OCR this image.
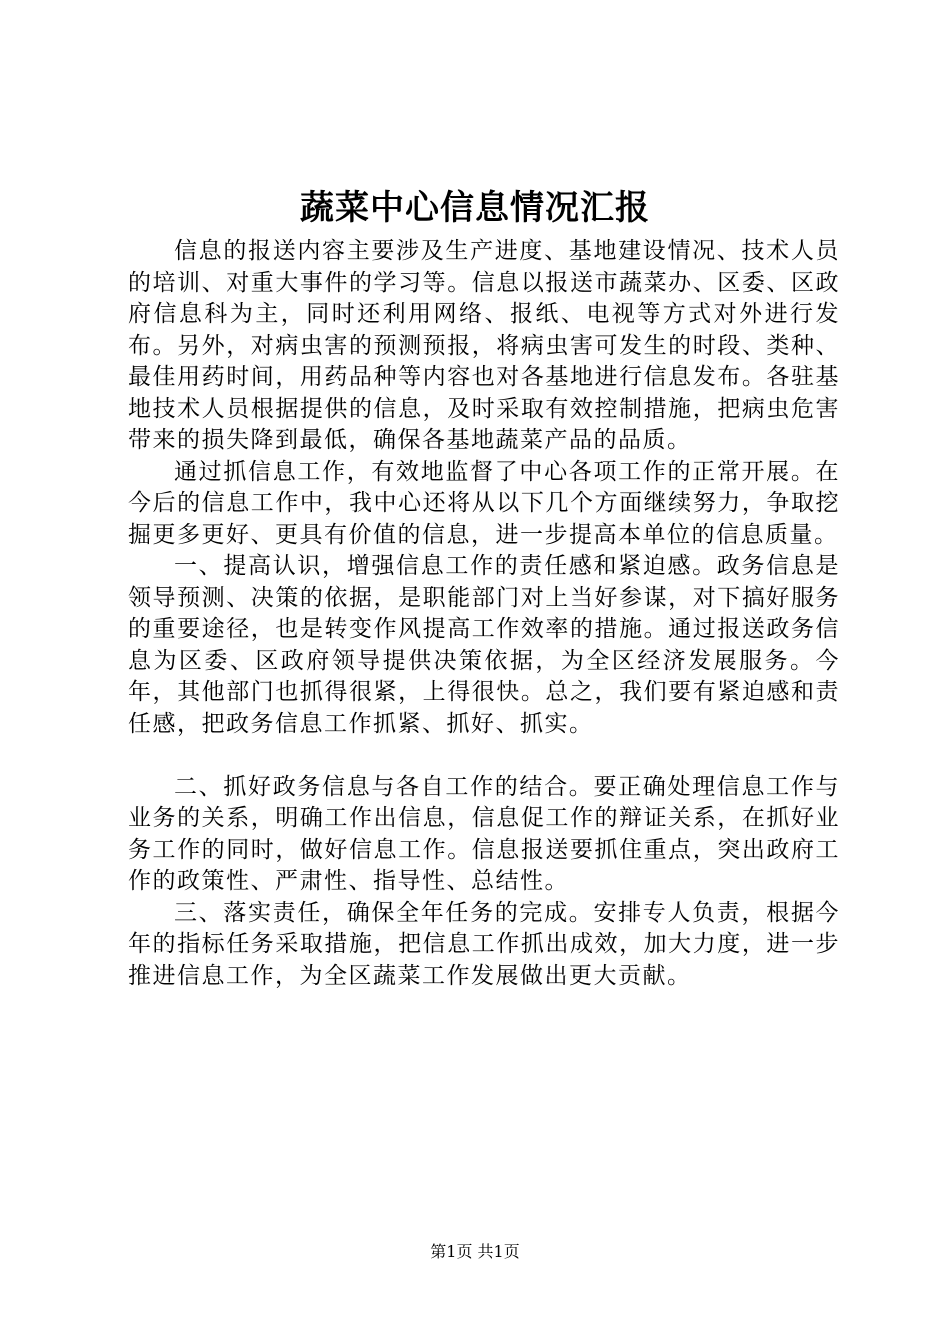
蔬菜中心信息情况汇报

信息的报送内容主要涉及生产进度、基地建设情况、技术人员的培训、对重大事件的学习等。信息以报送市蔬菜办、区委、区政府信息科为主，同时还利用网络、报纸、电视等方式对外进行发布。另外，对病虫害的预测预报，将病虫害可发生的时段、类种、最佳用药时间，用药品种等内容也对各基地进行信息发布。各驻基地技术人员根据提供的信息，及时采取有效控制措施，把病虫危害带来的损失降到最低，确保各基地蔬菜产品的品质。

通过抓信息工作，有效地监督了中心各项工作的正常开展。在今后的信息工作中，我中心还将从以下几个方面继续努力，争取挖掘更多更好、更具有价值的信息，进一步提高本单位的信息质量。

一、提高认识，增强信息工作的责任感和紧迫感。政务信息是领导预测、决策的依据，是职能部门对上当好参谋，对下搞好服务的重要途径，也是转变作风提高工作效率的措施。通过报送政务信息为区委、区政府领导提供决策依据，为全区经济发展服务。今年，其他部门也抓得很紧，上得很快。总之，我们要有紧迫感和责任感，把政务信息工作抓紧、抓好、抓实。

二、抓好政务信息与各自工作的结合。要正确处理信息工作与业务的关系，明确工作出信息，信息促工作的辩证关系，在抓好业务工作的同时，做好信息工作。信息报送要抓住重点，突出政府工作的政策性、严肃性、指导性、总结性。

三、落实责任，确保全年任务的完成。安排专人负责，根据今年的指标任务采取措施，把信息工作抓出成效，加大力度，进一步推进信息工作，为全区蔬菜工作发展做出更大贡献。

第1页 共1页
